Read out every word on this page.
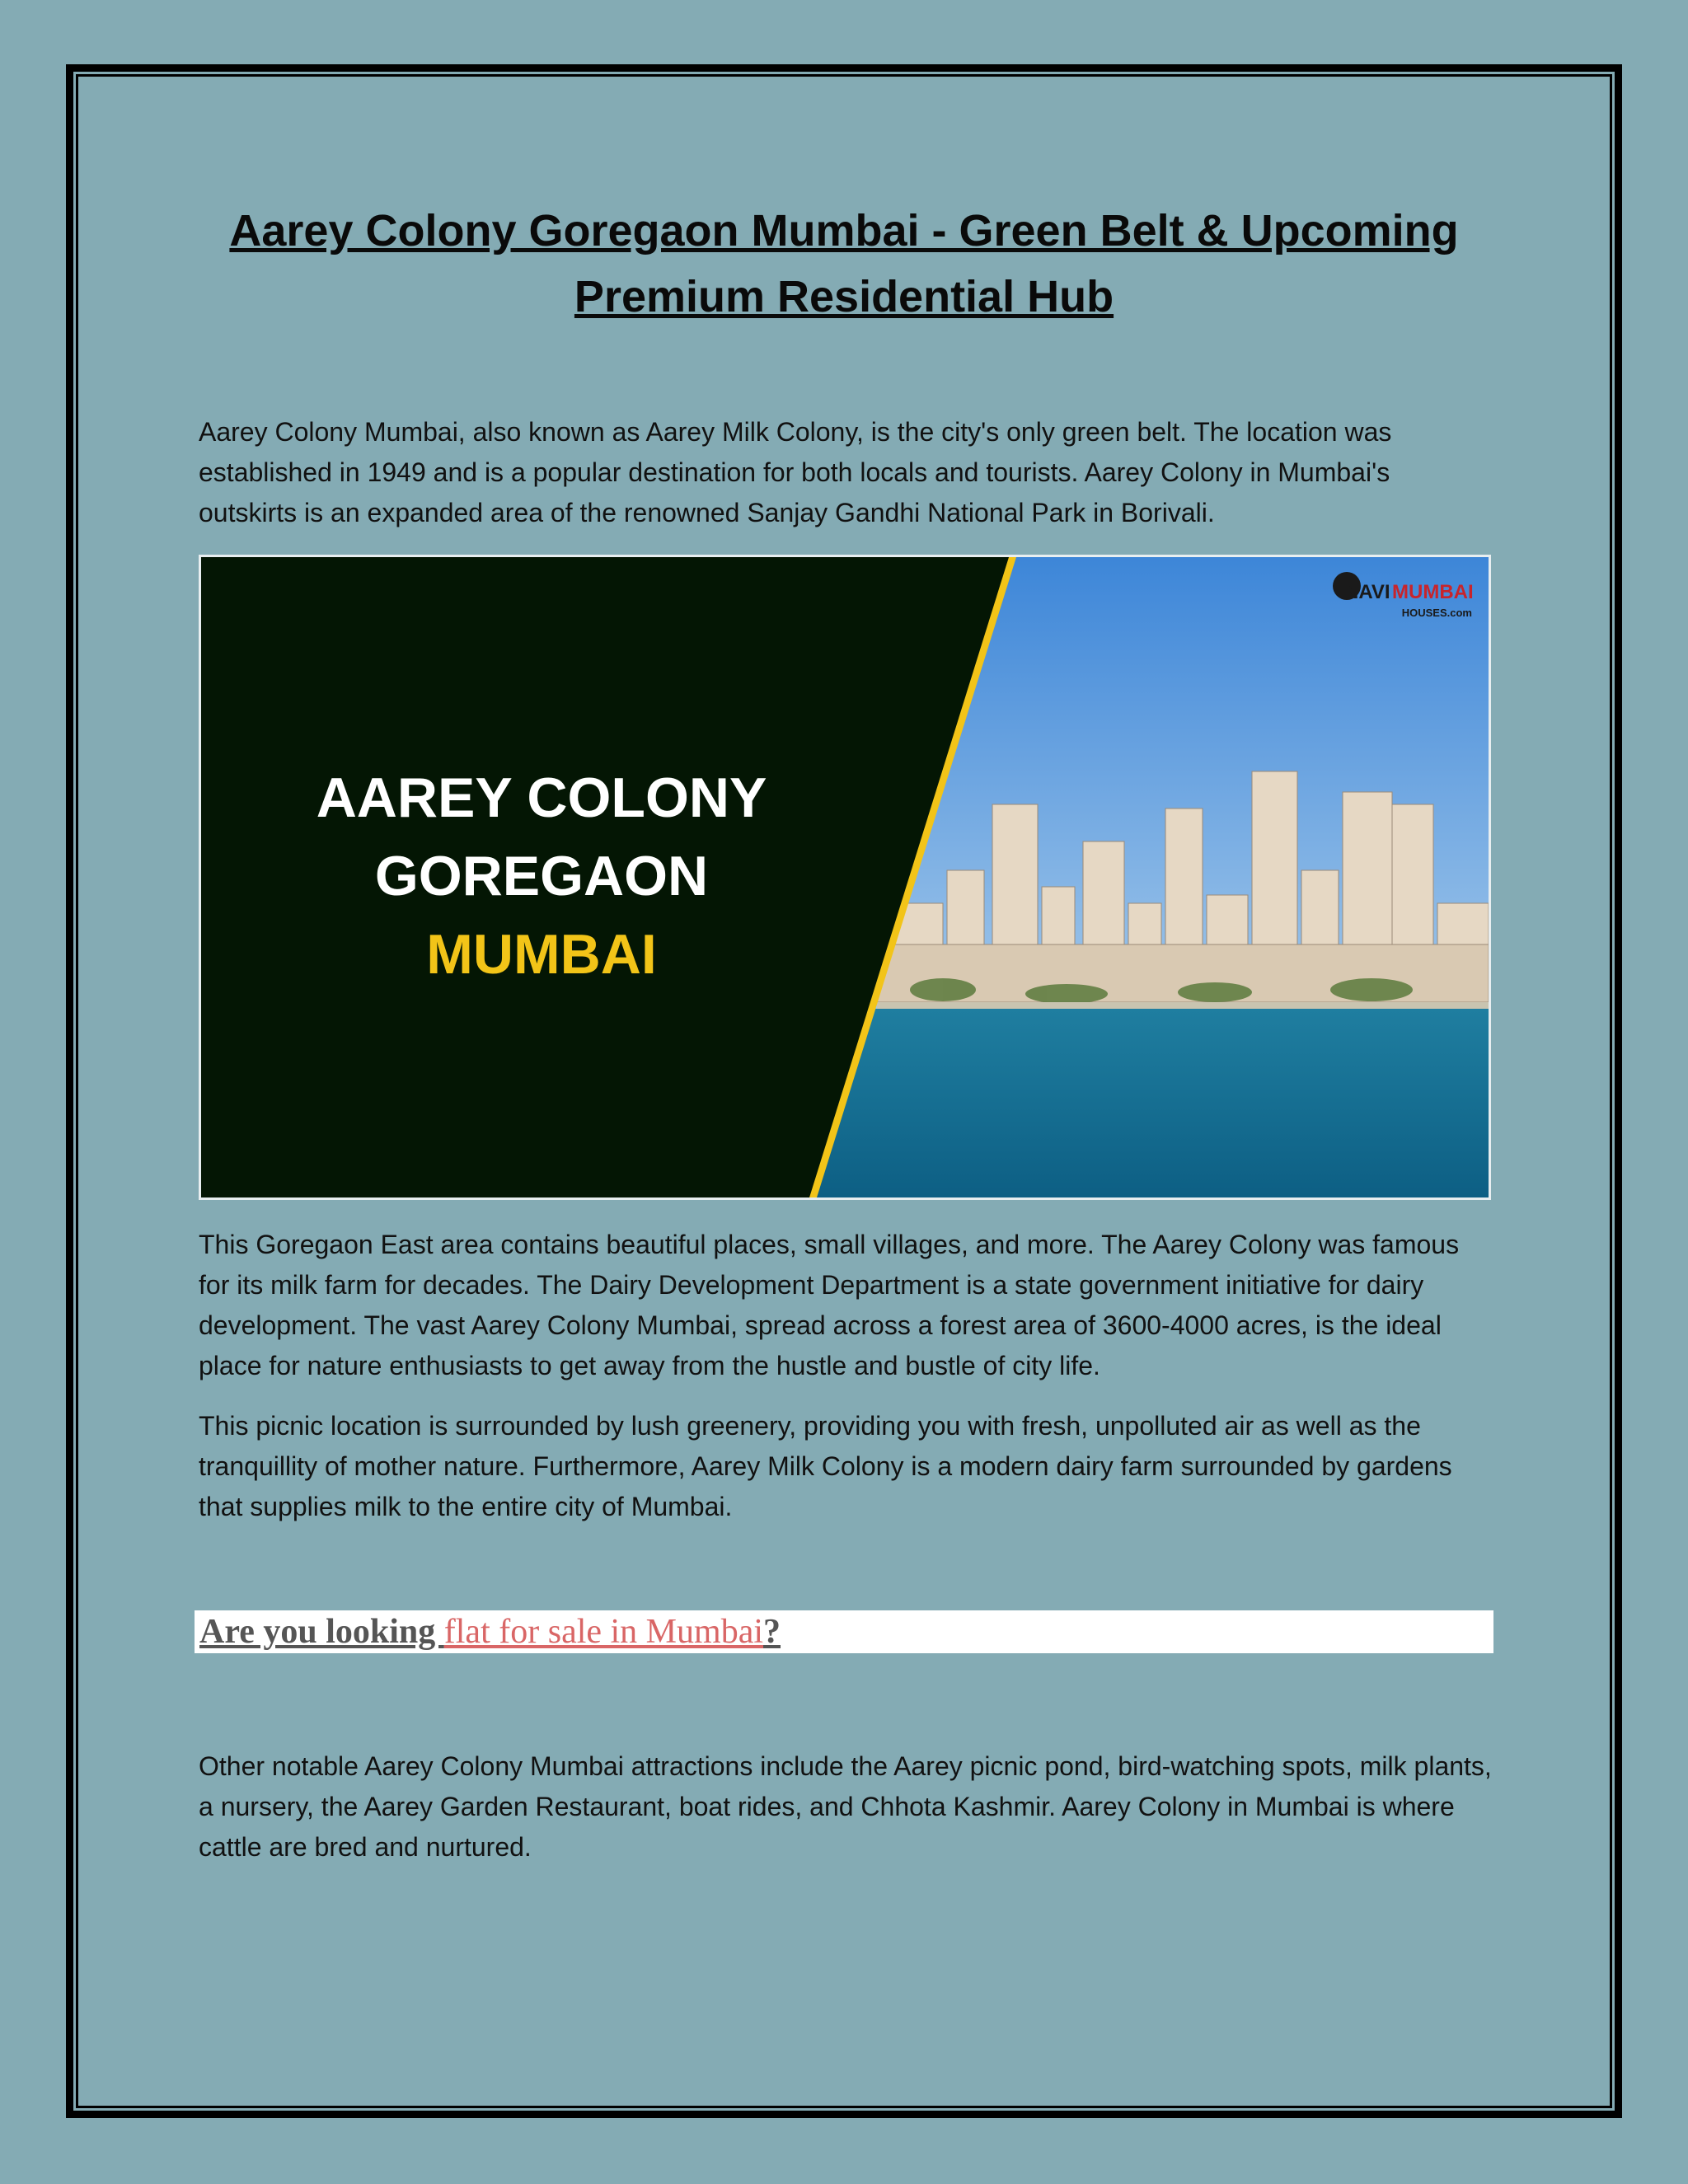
Aarey Colony Goregaon Mumbai - Green Belt & Upcoming Premium Residential Hub

Aarey Colony Mumbai, also known as Aarey Milk Colony, is the city's only green belt. The location was established in 1949 and is a popular destination for both locals and tourists. Aarey Colony in Mumbai's outskirts is an expanded area of the renowned Sanjay Gandhi National Park in Borivali.

AAREY COLONY
GOREGAON
MUMBAI
NAVI MUMBAI
HOUSES.com

This Goregaon East area contains beautiful places, small villages, and more. The Aarey Colony was famous for its milk farm for decades. The Dairy Development Department is a state government initiative for dairy development. The vast Aarey Colony Mumbai, spread across a forest area of 3600-4000 acres, is the ideal place for nature enthusiasts to get away from the hustle and bustle of city life.

This picnic location is surrounded by lush greenery, providing you with fresh, unpolluted air as well as the tranquillity of mother nature. Furthermore, Aarey Milk Colony is a modern dairy farm surrounded by gardens that supplies milk to the entire city of Mumbai.

Are you looking flat for sale in Mumbai?

Other notable Aarey Colony Mumbai attractions include the Aarey picnic pond, bird-watching spots, milk plants, a nursery, the Aarey Garden Restaurant, boat rides, and Chhota Kashmir. Aarey Colony in Mumbai is where cattle are bred and nurtured.
